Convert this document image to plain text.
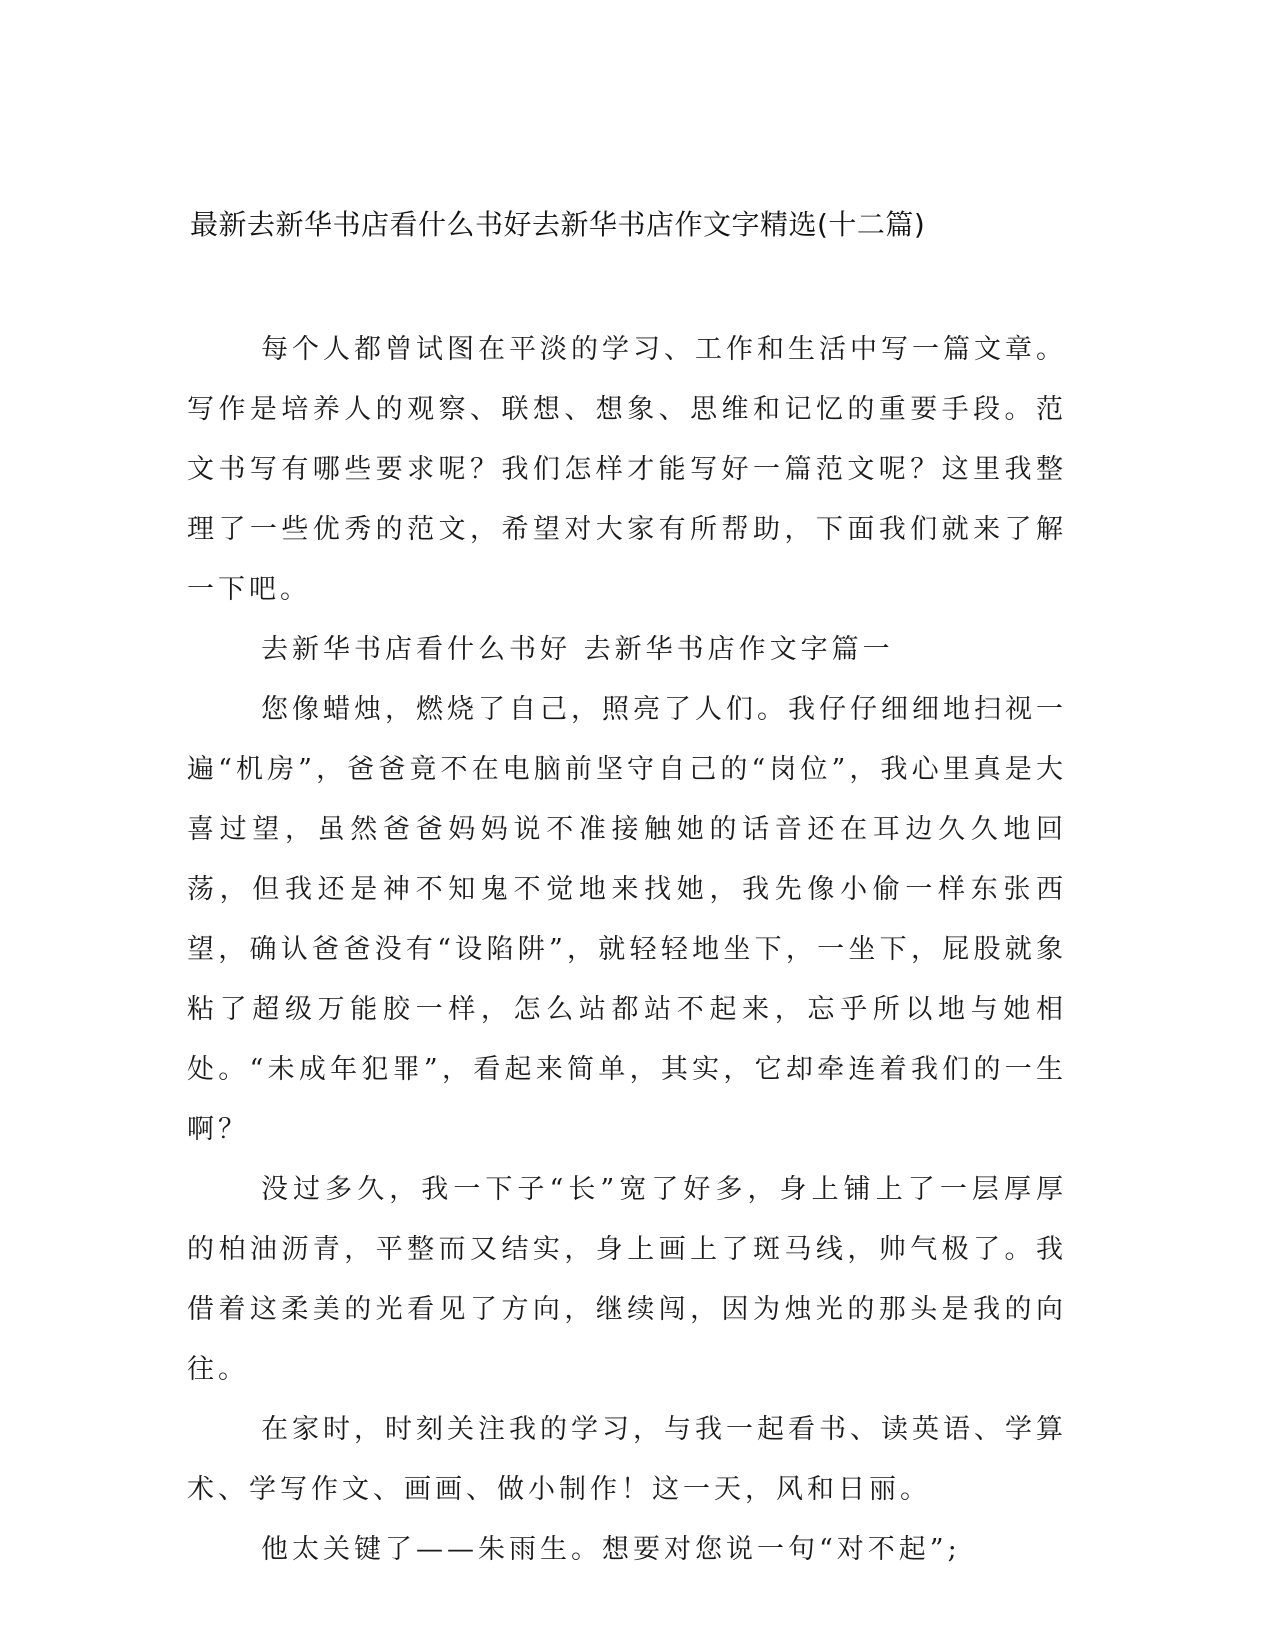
最新去新华书店看什么书好去新华书店作文字精选(十二篇)

每个人都曾试图在平淡的学习、工作和生活中写一篇文章。写作是培养人的观察、联想、想象、思维和记忆的重要手段。范文书写有哪些要求呢？我们怎样才能写好一篇范文呢？这里我整理了一些优秀的范文，希望对大家有所帮助，下面我们就来了解一下吧。

去新华书店看什么书好 去新华书店作文字篇一

您像蜡烛，燃烧了自己，照亮了人们。我仔仔细细地扫视一遍“机房”，爸爸竟不在电脑前坚守自己的“岗位”，我心里真是大喜过望，虽然爸爸妈妈说不准接触她的话音还在耳边久久地回荡，但我还是神不知鬼不觉地来找她，我先像小偷一样东张西望，确认爸爸没有“设陷阱”，就轻轻地坐下，一坐下，屁股就象粘了超级万能胶一样，怎么站都站不起来，忘乎所以地与她相处。“未成年犯罪”，看起来简单，其实，它却牵连着我们的一生啊？

没过多久，我一下子“长”宽了好多，身上铺上了一层厚厚的柏油沥青，平整而又结实，身上画上了斑马线，帅气极了。我借着这柔美的光看见了方向，继续闯，因为烛光的那头是我的向往。

在家时，时刻关注我的学习，与我一起看书、读英语、学算术、学写作文、画画、做小制作！这一天，风和日丽。

他太关键了——朱雨生。想要对您说一句“对不起”;
